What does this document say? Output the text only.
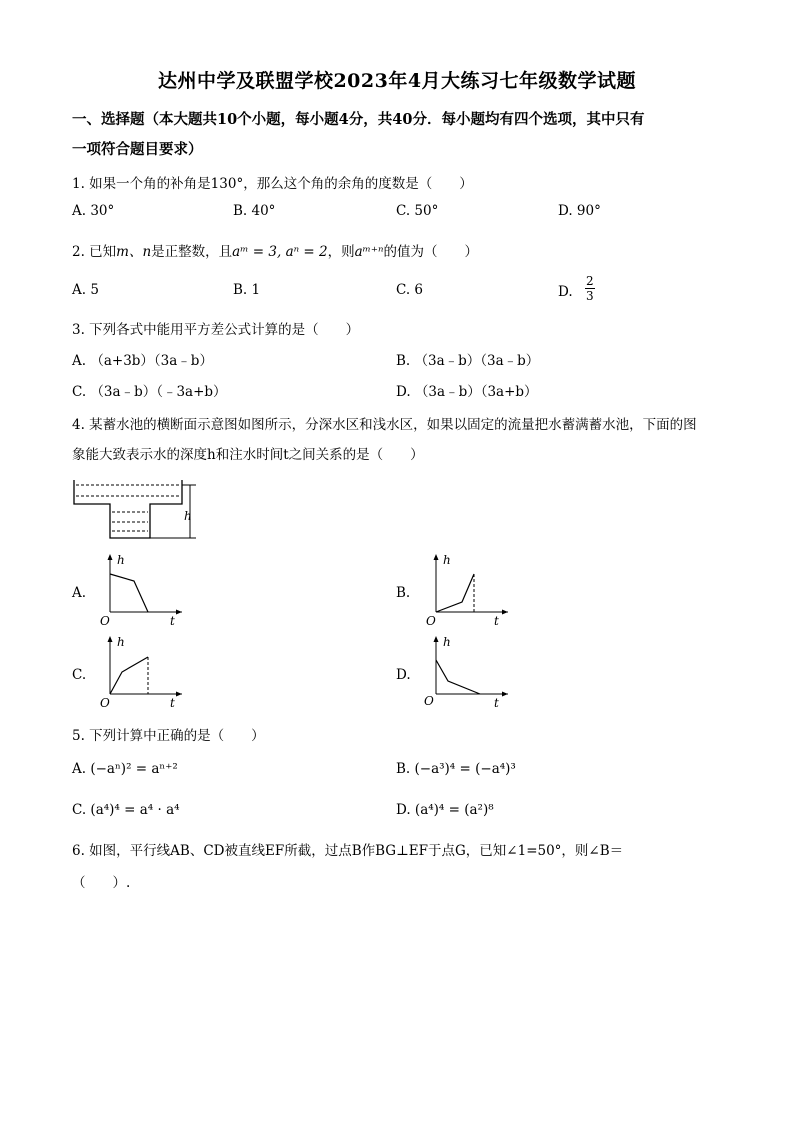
达州中学及联盟学校2023年4月大练习七年级数学试题
一、选择题（本大题共10个小题，每小题4分，共40分．每小题均有四个选项，其中只有
一项符合题目要求）
1. 如果一个角的补角是130°，那么这个角的余角的度数是（　　）
A. 30°	B. 40°	C. 50°	D. 90°
2. 已知m、n是正整数，且aᵐ = 3, aⁿ = 2，则aᵐ⁺ⁿ的值为（　　）
A. 5	B. 1	C. 6	D. $\frac{2}{3}$
3. 下列各式中能用平方差公式计算的是（　　）
A. （a+3b）（3a﹣b）	B. （3a﹣b）（3a﹣b）
C. （3a﹣b）（﹣3a+b）	D. （3a﹣b）（3a+b）
4. 某蓄水池的横断面示意图如图所示，分深水区和浅水区，如果以固定的流量把水蓄满蓄水池，下面的图
象能大致表示水的深度h和注水时间t之间关系的是（　　）
h
A.
h
t
O
B.
h
t
O
C.
h
t
O
D.
h
t
O
5. 下列计算中正确的是（　　）
A. (−aⁿ)² = aⁿ⁺²	B. (−a³)⁴ = (−a⁴)³
C. (a⁴)⁴ = a⁴ · a⁴	D. (a⁴)⁴ = (a²)⁸
6. 如图，平行线AB、CD被直线EF所截，过点B作BG⊥EF于点G，已知∠1=50°，则∠B＝
（　　）.
